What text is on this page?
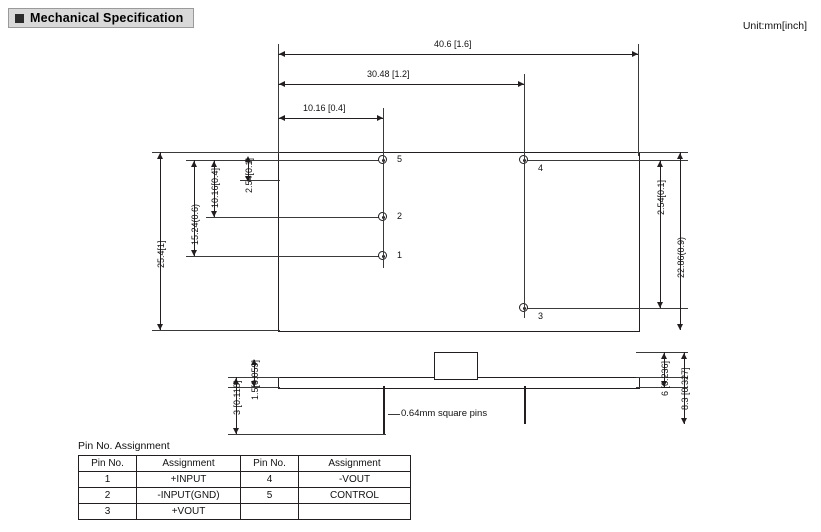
Mechanical Specification
Unit:mm[inch]
40.6 [1.6]
30.48 [1.2]
10.16 [0.4]
25.4[1]
15.24(0.6)
10.16[0.4]	2.54[0.1]
22.86(0.9)
2.54[0.1]
5
2
1
4
3
1.5[0.059]
3 [0.118]
6 [0.236] 8.3 [0.327]
0.64mm square pins
Pin No. Assignment
Pin No.	Assignment	Pin No.	Assignment
1	+INPUT	4	-VOUT
2	-INPUT(GND)	5	CONTROL
3	+VOUT		
